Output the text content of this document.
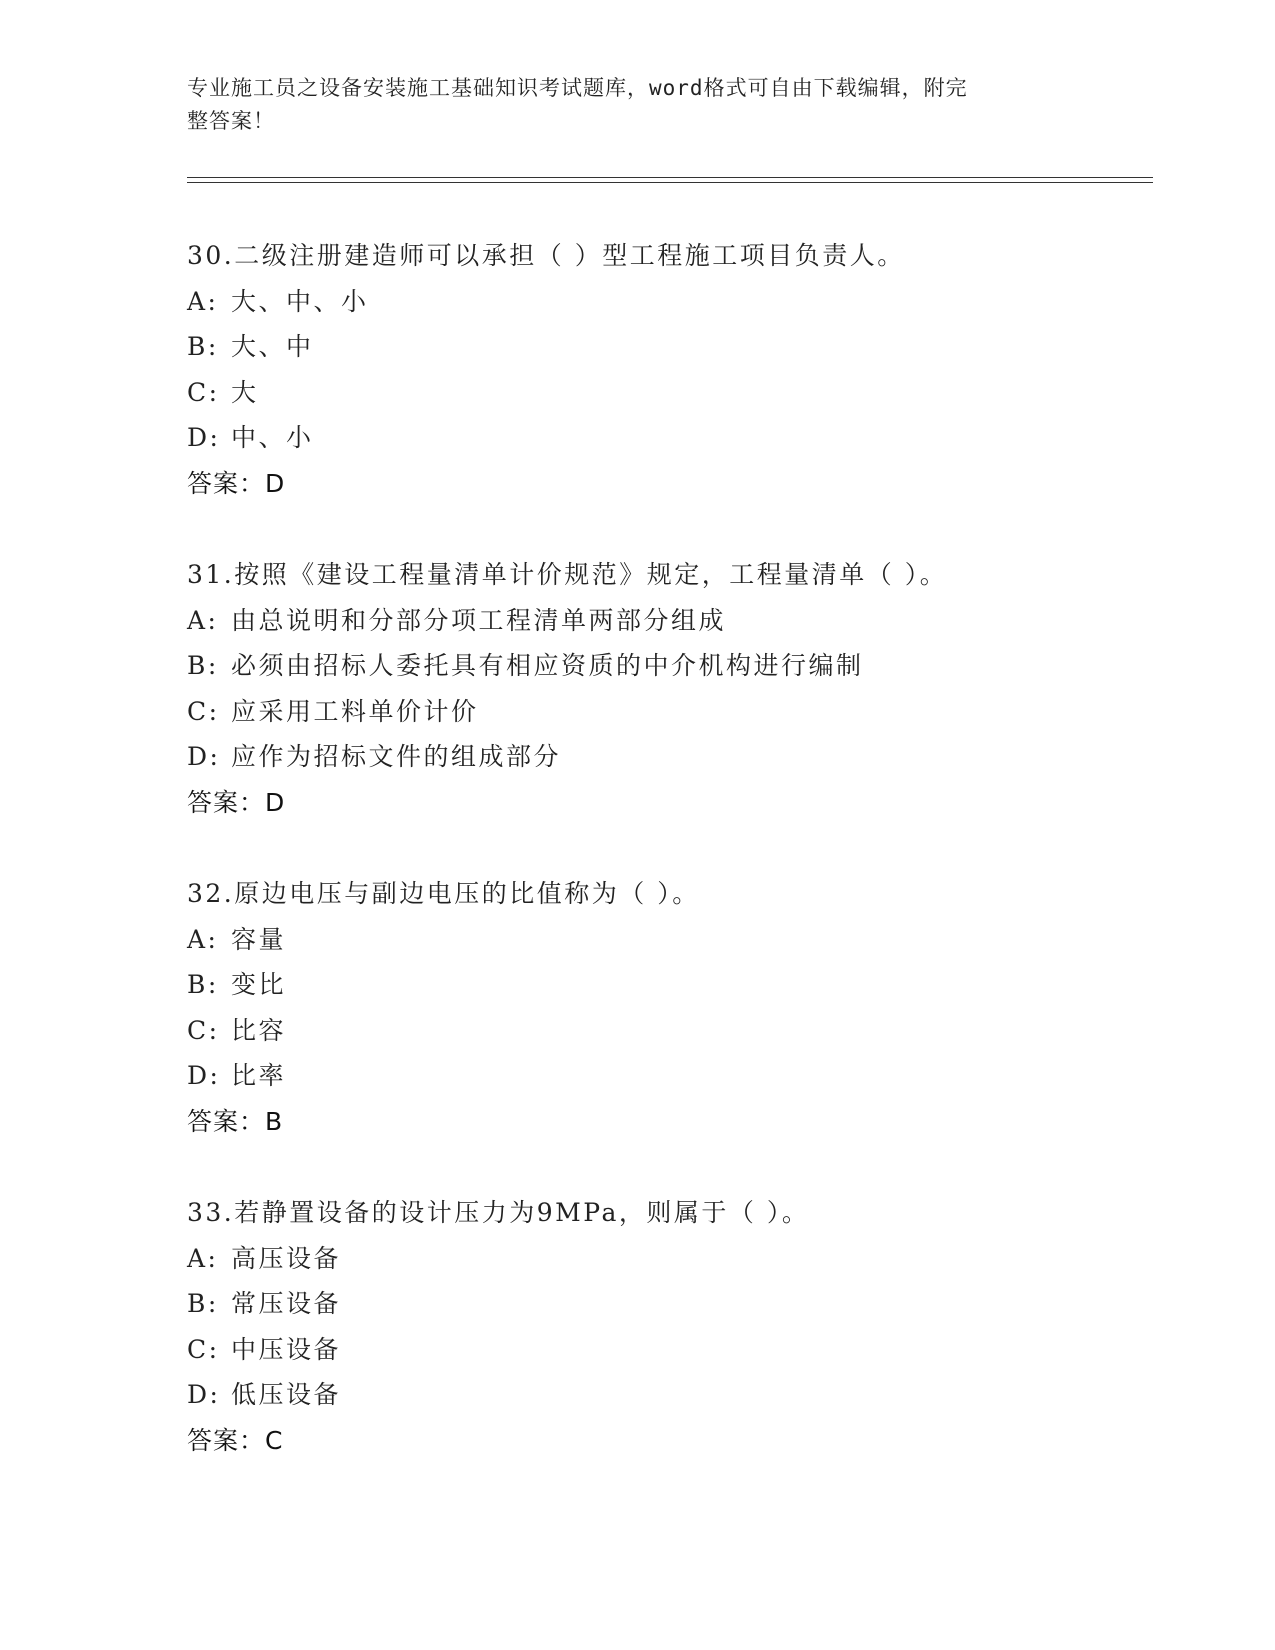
专业施工员之设备安装施工基础知识考试题库，word格式可自由下载编辑，附完
整答案！
30.二级注册建造师可以承担（ ）型工程施工项目负责人。
A: 大、中、小
B: 大、中
C: 大
D: 中、小
答案：D
31.按照《建设工程量清单计价规范》规定，工程量清单（ ）。
A: 由总说明和分部分项工程清单两部分组成
B: 必须由招标人委托具有相应资质的中介机构进行编制
C: 应采用工料单价计价
D: 应作为招标文件的组成部分
答案：D
32.原边电压与副边电压的比值称为（ ）。
A: 容量
B: 变比
C: 比容
D: 比率
答案：B
33.若静置设备的设计压力为9MPa，则属于（ ）。
A: 高压设备
B: 常压设备
C: 中压设备
D: 低压设备
答案：C
